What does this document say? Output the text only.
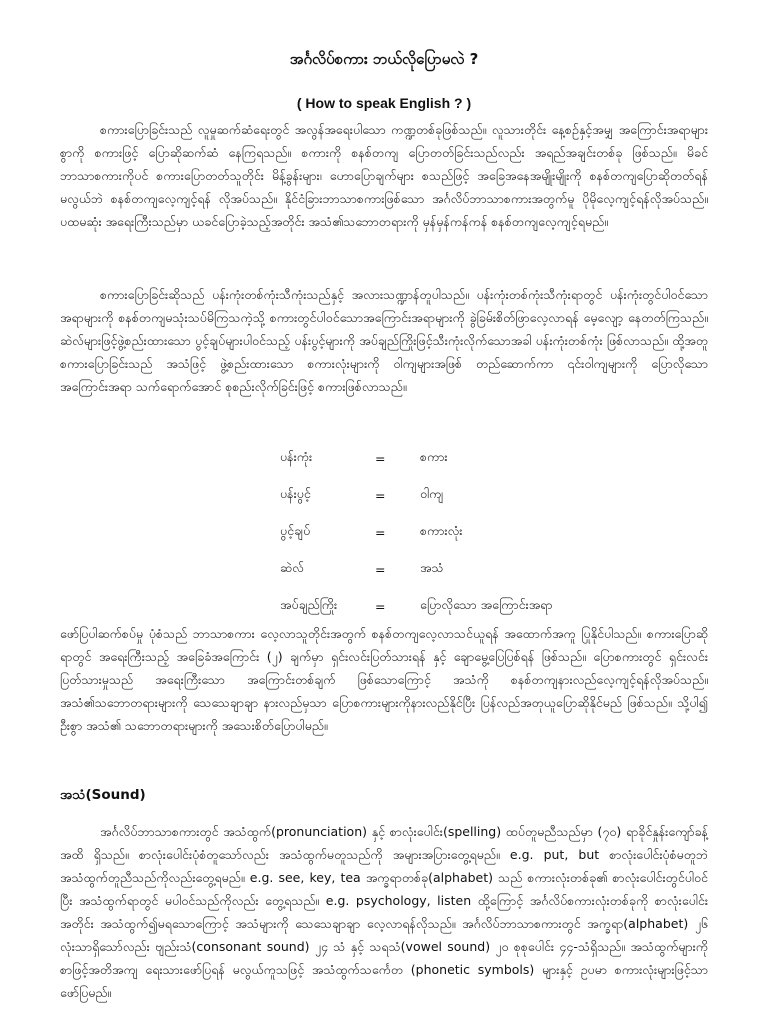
အင်္ဂလိပ်စကား ဘယ်လိုပြောမလဲ ?
( How to speak English ? )
စကားပြောခြင်းသည် လူမှုဆက်ဆံရေးတွင် အလွန်အရေးပါသော ကဏ္ဍတစ်ခုဖြစ်သည်။ လူသားတိုင်း နေ့စဉ်နှင့်အမျှ အကြောင်းအရာများစွာကို စကားဖြင့် ပြောဆိုဆက်ဆံ နေကြရသည်။ စကားကို စနစ်တကျ ပြောတတ်ခြင်းသည်လည်း အရည်အချင်းတစ်ခု ဖြစ်သည်။ မိခင်ဘာသာစကားကိုပင် စကားပြောတတ်သူတိုင်း မိန့်ခွန်းများ၊ ဟောပြောချက်များ စသည်ဖြင့် အခြေအနေအမျိုးမျိုးကို စနစ်တကျပြောဆိုတတ်ရန် မလွယ်ဘဲ စနစ်တကျလေ့ကျင့်ရန် လိုအပ်သည်။ နိုင်ငံခြားဘာသာစကားဖြစ်သော အင်္ဂလိပ်ဘာသာစကားအတွက်မူ ပိုမိုလေ့ကျင့်ရန်လိုအပ်သည်။ ပထမဆုံး အရေးကြီးသည်မှာ ယခင်ပြောခဲ့သည့်အတိုင်း အသံ၏သဘောတရားကို မှန်မှန်ကန်ကန် စနစ်တကျလေ့ကျင့်ရမည်။
စကားပြောခြင်းဆိုသည် ပန်းကုံးတစ်ကုံးသီကုံးသည်နှင့် အလားသဏ္ဍာန်တူပါသည်။ ပန်းကုံးတစ်ကုံးသီကုံးရာတွင် ပန်းကုံးတွင်ပါဝင်သောအရာများကို စနစ်တကျမသုံးသပ်မိကြသကဲ့သို့ စကားတွင်ပါဝင်သောအကြောင်းအရာများကို ခွဲခြမ်းစိတ်ဖြာလေ့လာရန် မေ့လျော့ နေတတ်ကြသည်။ ဆဲလ်များဖြင့်ဖွဲ့စည်းထားသော ပွင့်ချပ်များပါဝင်သည့် ပန်းပွင့်များကို အပ်ချည်ကြိုးဖြင့်သီးကုံးလိုက်သောအခါ ပန်းကုံးတစ်ကုံး ဖြစ်လာသည်။ ထို့အတူ စကားပြောခြင်းသည် အသံဖြင့် ဖွဲ့စည်းထားသော စကားလုံးများကို ဝါကျများအဖြစ် တည်ဆောက်ကာ ၎င်းဝါကျများကို ပြောလိုသောအကြောင်းအရာ သက်ရောက်အောင် စုစည်းလိုက်ခြင်းဖြင့် စကားဖြစ်လာသည်။
ပန်းကုံး	=	စကား
ပန်းပွင့်	=	ဝါကျ
ပွင့်ချပ်	=	စကားလုံး
ဆဲလ်	=	အသံ
အပ်ချည်ကြိုး	=	ပြောလိုသော အကြောင်းအရာ
ဖော်ပြပါဆက်စပ်မှု ပုံစံသည် ဘာသာစကား လေ့လာသူတိုင်းအတွက် စနစ်တကျလေ့လာသင်ယူရန် အထောက်အကူ ပြုနိုင်ပါသည်။ စကားပြောဆိုရာတွင် အရေးကြီးသည့် အခြေခံအကြောင်း (၂) ချက်မှာ ရှင်းလင်းပြတ်သားရန် နှင့် ချောမွေ့ပြေပြစ်ရန် ဖြစ်သည်။ ပြောစကားတွင် ရှင်းလင်းပြတ်သားမှုသည် အရေးကြီးသော အကြောင်းတစ်ချက် ဖြစ်သောကြောင့် အသံကို စနစ်တကျနားလည်လေ့ကျင့်ရန်လိုအပ်သည်။ အသံ၏သဘောတရားများကို သေသေချာချာ နားလည်မှသာ ပြောစကားများကိုနားလည်နိုင်ပြီး ပြန်လည်အတုယူပြောဆိုနိုင်မည် ဖြစ်သည်။ သို့ပါ၍ ဦးစွာ အသံ၏ သဘောတရားများကို အသေးစိတ်ပြောပါမည်။
အသံ(Sound)
အင်္ဂလိပ်ဘာသာစကားတွင် အသံထွက်(pronunciation) နှင့် စာလုံးပေါင်း(spelling) ထပ်တူမညီသည်မှာ (၇၀) ရာခိုင်နှုန်းကျော်ခန့်အထိ ရှိသည်။ စာလုံးပေါင်းပုံစံတူသော်လည်း အသံထွက်မတူသည်ကို အများအပြားတွေ့ရမည်။ e.g. put, but စာလုံးပေါင်းပုံစံမတူဘဲ အသံထွက်တူညီသည်ကိုလည်းတွေ့ရမည်။ e.g. see, key, tea အက္ခရာတစ်ခု(alphabet) သည် စကားလုံးတစ်ခု၏ စာလုံးပေါင်းတွင်ပါဝင်ပြီး အသံထွက်ရာတွင် မပါဝင်သည်ကိုလည်း တွေ့ရသည်။ e.g. psychology, listen ထို့ကြောင့် အင်္ဂလိပ်စကားလုံးတစ်ခုကို စာလုံးပေါင်းအတိုင်း အသံထွက်၍မရသောကြောင့် အသံများကို သေသေချာချာ လေ့လာရန်လိုသည်။ အင်္ဂလိပ်ဘာသာစကားတွင် အက္ခရာ(alphabet) ၂၆ လုံးသာရှိသော်လည်း ဗျည်းသံ(consonant sound) ၂၄ သံ နှင့် သရသံ(vowel sound) ၂၀ စုစုပေါင်း ၄၄-သံရှိသည်။ အသံထွက်များကို စာဖြင့်အတိအကျ ရေးသားဖော်ပြရန် မလွယ်ကူသဖြင့် အသံထွက်သင်္ကေတ (phonetic symbols) များနှင့် ဥပမာ စကားလုံးများဖြင့်သာ ဖော်ပြမည်။
